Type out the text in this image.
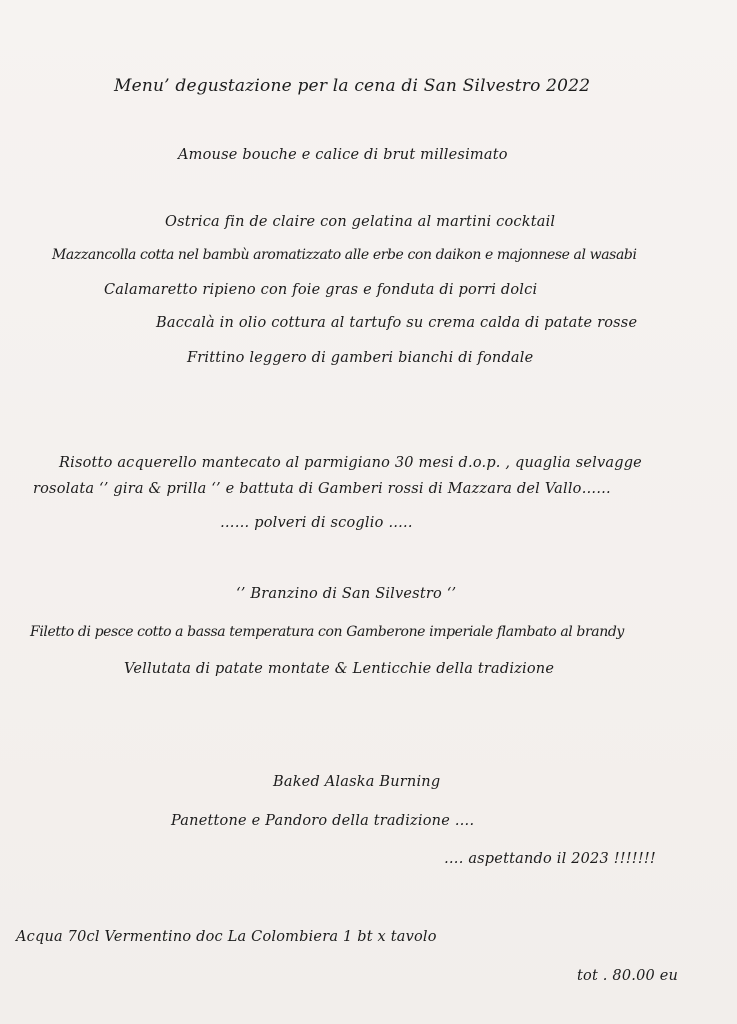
Menu’ degustazione per la cena di San Silvestro 2022
Amouse bouche e calice di brut millesimato
Ostrica fin de claire con gelatina al martini cocktail
Mazzancolla cotta nel bambù aromatizzato alle erbe con daikon e majonnese al wasabi
Calamaretto ripieno con foie gras e fonduta di porri dolci
Baccalà in olio cottura al tartufo su crema calda di patate rosse
Frittino leggero di gamberi bianchi di fondale
Risotto acquerello mantecato al parmigiano 30 mesi d.o.p. , quaglia selvagge
rosolata ‘’ gira & prilla ‘’ e battuta di Gamberi rossi di Mazzara del Vallo……
…… polveri di scoglio …..
‘’ Branzino di San Silvestro ‘’
Filetto di pesce cotto a bassa temperatura con Gamberone imperiale flambato al brandy
Vellutata di patate montate & Lenticchie della tradizione
Baked Alaska Burning
Panettone e Pandoro della tradizione ….
…. aspettando il 2023 !!!!!!!
Acqua 70cl Vermentino doc La Colombiera 1 bt x tavolo
tot . 80.00 eu
